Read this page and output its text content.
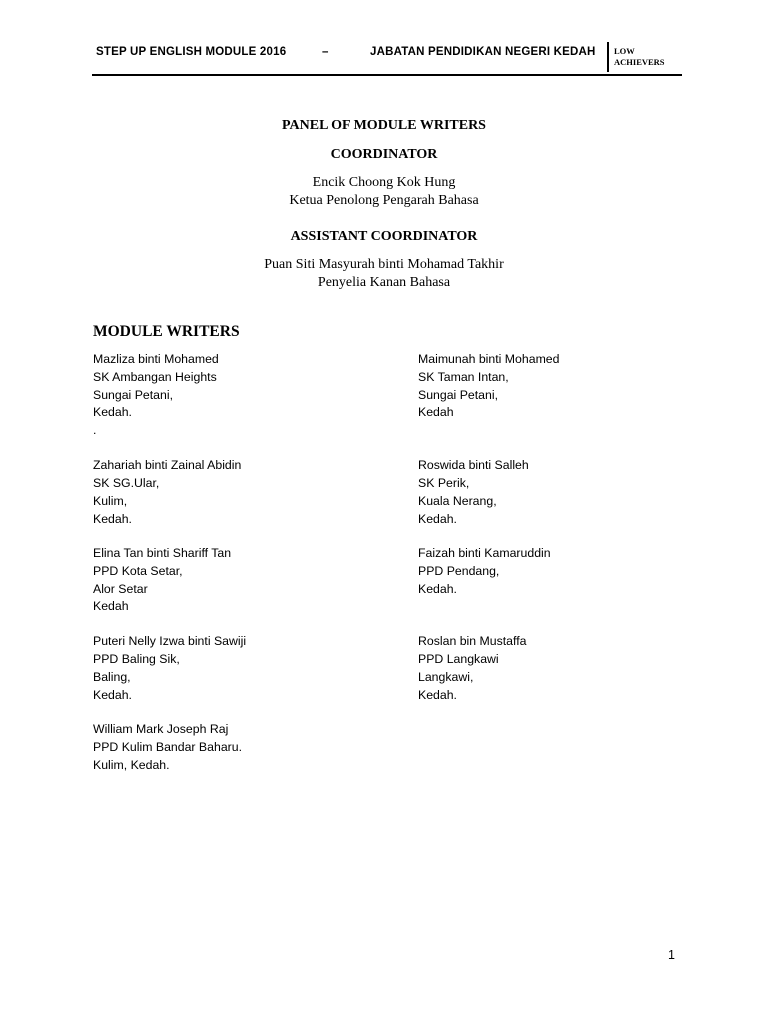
STEP UP ENGLISH MODULE 2016	–	JABATAN PENDIDIKAN NEGERI KEDAH LOW
ACHIEVERS
PANEL OF MODULE WRITERS
COORDINATOR
Encik Choong Kok Hung
Ketua Penolong Pengarah Bahasa
ASSISTANT COORDINATOR
Puan Siti Masyurah binti Mohamad Takhir
Penyelia Kanan Bahasa
MODULE WRITERS
Mazliza binti Mohamed
SK Ambangan Heights
Sungai Petani,
Kedah.
.
Zahariah binti Zainal Abidin
SK SG.Ular,
Kulim,
Kedah.
Elina Tan binti Shariff Tan
PPD Kota Setar,
Alor Setar
Kedah
Puteri Nelly Izwa binti Sawiji
PPD Baling Sik,
Baling,
Kedah.
William Mark Joseph Raj
PPD Kulim Bandar Baharu.
Kulim, Kedah.
Maimunah binti Mohamed
SK Taman Intan,
Sungai Petani,
Kedah
Roswida binti Salleh
SK Perik,
Kuala Nerang,
Kedah.
Faizah binti Kamaruddin
PPD Pendang,
Kedah.
Roslan bin Mustaffa
PPD Langkawi
Langkawi,
Kedah.
1
